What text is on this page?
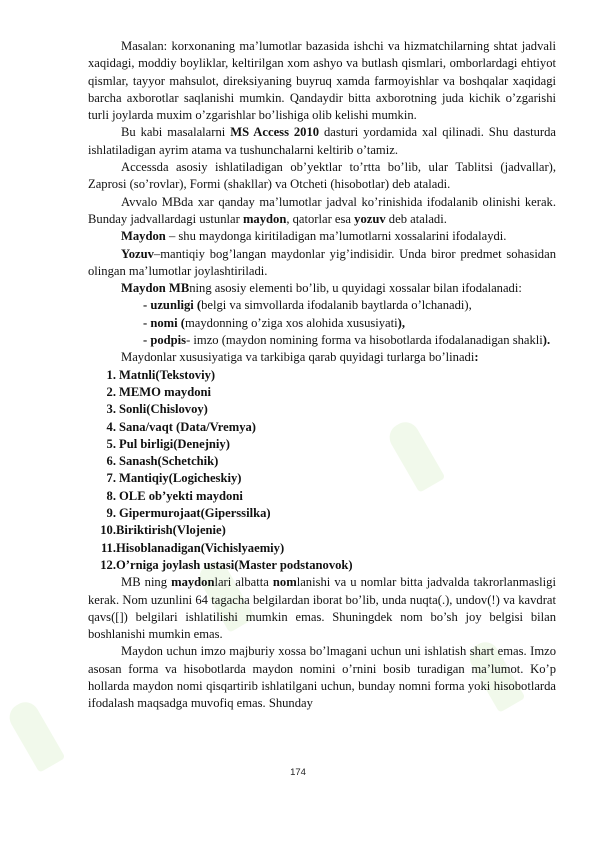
Masalan: korxonaning ma’lumotlar bazasida ishchi va hizmatchilarning shtat jadvali xaqidagi, moddiy boyliklar, keltirilgan xom ashyo va butlash qismlari, omborlardagi ehtiyot qismlar, tayyor mahsulot, direksiyaning buyruq xamda farmoyishlar va boshqalar xaqidagi barcha axborotlar saqlanishi mumkin. Qandaydir bitta axborotning juda kichik o’zgarishi turli joylarda muxim o’zgarishlar bo’lishiga olib kelishi mumkin.

Bu kabi masalalarni MS Access 2010 dasturi yordamida xal qilinadi. Shu dasturda ishlatiladigan ayrim atama va tushunchalarni keltirib o’tamiz.

Accessda asosiy ishlatiladigan ob’yektlar to’rtta bo’lib, ular Tablitsi (jadvallar), Zaprosi (so’rovlar), Formi (shakllar) va Otcheti (hisobotlar) deb ataladi.

Avvalo MBda xar qanday ma’lumotlar jadval ko’rinishida ifodalanib olinishi kerak. Bunday jadvallardagi ustunlar maydon, qatorlar esa yozuv deb ataladi.

Maydon – shu maydonga kiritiladigan ma’lumotlarni xossalarini ifodalaydi.

Yozuv–mantiqiy bog’langan maydonlar yig’indisidir. Unda biror predmet sohasidan olingan ma’lumotlar joylashtiriladi.

Maydon MBning asosiy elementi bo’lib, u quyidagi xossalar bilan ifodalanadi:

- uzunligi (belgi va simvollarda ifodalanib baytlarda o’lchanadi),

- nomi (maydonning o’ziga xos alohida xususiyati),

- podpis- imzo (maydon nomining forma va hisobotlarda ifodalanadigan shakli).

Maydonlar xususiyatiga va tarkibiga qarab quyidagi turlarga bo’linadi:

1. Matnli(Tekstoviy)
2. MEMO maydoni
3. Sonli(Chislovoy)
4. Sana/vaqt (Data/Vremya)
5. Pul birligi(Denejniy)
6. Sanash(Schetchik)
7. Mantiqiy(Logicheskiy)
8. OLE ob’yekti maydoni
9. Gipermurojaat(Giperssilka)
10.Biriktirish(Vlojenie)
11.Hisoblanadigan(Vichislyaemiy)
12.O’rniga joylash ustasi(Master podstanovok)

MB ning maydonlari albatta nomlanishi va u nomlar bitta jadvalda takrorlanmasligi kerak. Nom uzunlini 64 tagacha belgilardan iborat bo’lib, unda nuqta(.), undov(!) va kavdrat qavs([]) belgilari ishlatilishi mumkin emas. Shuningdek nom bo’sh joy belgisi bilan boshlanishi mumkin emas.

Maydon uchun imzo majburiy xossa bo’lmagani uchun uni ishlatish shart emas. Imzo asosan forma va hisobotlarda maydon nomini o’rnini bosib turadigan ma’lumot. Ko’p hollarda maydon nomi qisqartirib ishlatilgani uchun, bunday nomni forma yoki hisobotlarda ifodalash maqsadga muvofiq emas. Shunday

174
